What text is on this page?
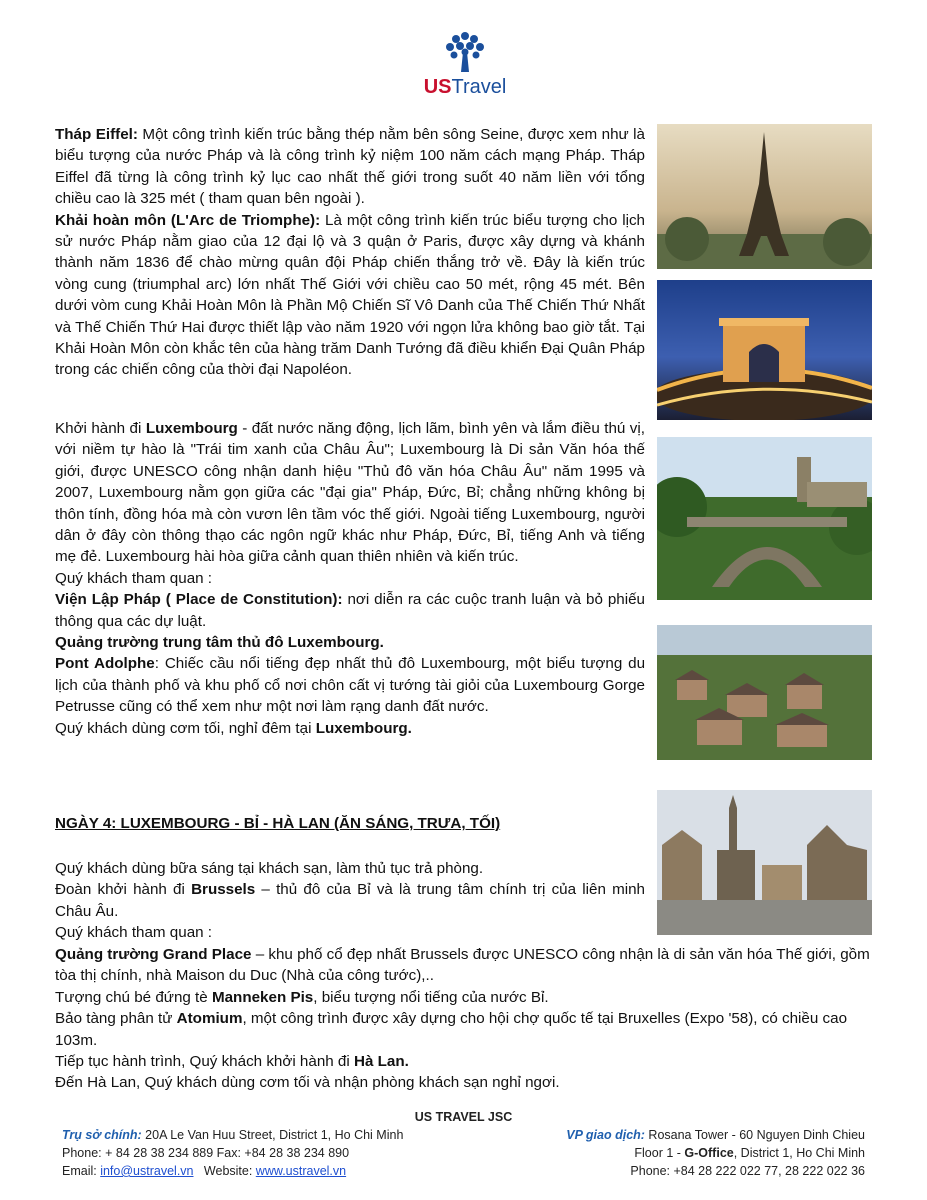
USTravel

Tháp Eiffel: Một công trình kiến trúc bằng thép nằm bên sông Seine, được xem như là biểu tượng của nước Pháp và là công trình kỷ niệm 100 năm cách mạng Pháp. Tháp Eiffel đã từng là công trình kỷ lục cao nhất thế giới trong suốt 40 năm liền với tổng chiều cao là 325 mét ( tham quan bên ngoài ).

Khải hoàn môn (L'Arc de Triomphe): Là một công trình kiến trúc biểu tượng cho lịch sử nước Pháp nằm giao của 12 đại lộ và 3 quận ở Paris, được xây dựng và khánh thành năm 1836 để chào mừng quân đội Pháp chiến thắng trở về. Đây là kiến trúc vòng cung (triumphal arc) lớn nhất Thế Giới với chiều cao 50 mét, rộng 45 mét. Bên dưới vòm cung Khải Hoàn Môn là Phần Mộ Chiến Sĩ Vô Danh của Thế Chiến Thứ Nhất và Thế Chiến Thứ Hai được thiết lập vào năm 1920 với ngọn lửa không bao giờ tắt. Tại Khải Hoàn Môn còn khắc tên của hàng trăm Danh Tướng đã điều khiển Đại Quân Pháp trong các chiến công của thời đại Napoléon.

Khởi hành đi Luxembourg - đất nước năng động, lịch lãm, bình yên và lắm điều thú vị, với niềm tự hào là "Trái tim xanh của Châu Âu"; Luxembourg là Di sản Văn hóa thế giới, được UNESCO công nhận danh hiệu "Thủ đô văn hóa Châu Âu" năm 1995 và 2007, Luxembourg nằm gọn giữa các "đại gia" Pháp, Đức, Bỉ; chẳng những không bị thôn tính, đồng hóa mà còn vươn lên tầm vóc thế giới. Ngoài tiếng Luxembourg, người dân ở đây còn thông thạo các ngôn ngữ khác như Pháp, Đức, Bỉ, tiếng Anh và tiếng mẹ đẻ. Luxembourg hài hòa giữa cảnh quan thiên nhiên và kiến trúc.

Quý khách tham quan :

Viện Lập Pháp ( Place de Constitution): nơi diễn ra các cuộc tranh luận và bỏ phiếu thông qua các dự luật.

Quảng trường trung tâm thủ đô Luxembourg.

Pont Adolphe: Chiếc cầu nổi tiếng đẹp nhất thủ đô Luxembourg, một biểu tượng du lịch của thành phố và khu phố cổ nơi chôn cất vị tướng tài giỏi của Luxembourg Gorge Petrusse cũng có thể xem như một nơi làm rạng danh đất nước.

Quý khách dùng cơm tối, nghỉ đêm tại Luxembourg.

NGÀY 4: LUXEMBOURG - BỈ - HÀ LAN (ĂN SÁNG, TRƯA, TỐI)

Quý khách dùng bữa sáng tại khách sạn, làm thủ tục trả phòng.

Đoàn khởi hành đi Brussels – thủ đô của Bỉ và là trung tâm chính trị của liên minh Châu Âu.

Quý khách tham quan :

Quảng trường Grand Place – khu phố cổ đẹp nhất Brussels được UNESCO công nhận là di sản văn hóa Thế giới, gồm tòa thị chính, nhà Maison du Duc (Nhà của công tước),..

Tượng chú bé đứng tè Manneken Pis, biểu tượng nổi tiếng của nước Bỉ.

Bảo tàng phân tử Atomium, một công trình được xây dựng cho hội chợ quốc tế tại Bruxelles (Expo '58), có chiều cao 103m.

Tiếp tục hành trình, Quý khách khởi hành đi Hà Lan.

Đến Hà Lan, Quý khách dùng cơm tối và nhận phòng khách sạn nghỉ ngơi.

US TRAVEL JSC
Trụ sở chính: 20A Le Van Huu Street, District 1, Ho Chi Minh
Phone: + 84 28 38 234 889 Fax: +84 28 38 234 890
Email: info@ustravel.vn   Website: www.ustravel.vn
VP giao dịch: Rosana Tower - 60 Nguyen Dinh Chieu
Floor 1 - G-Office, District 1, Ho Chi Minh
Phone: +84 28 222 022 77, 28 222 022 36
